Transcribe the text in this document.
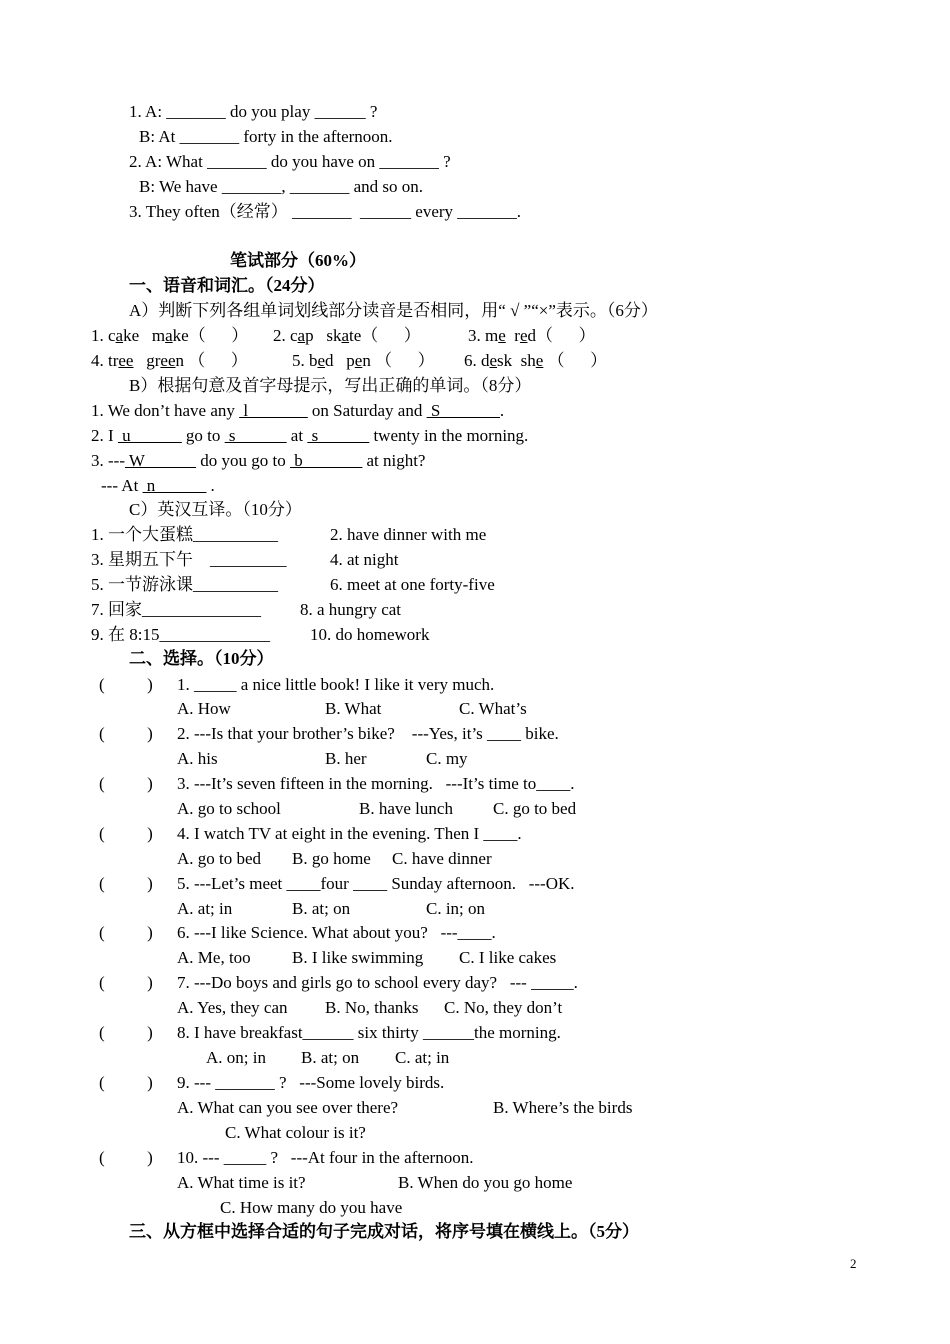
1. A: _______ do you play ______ ?
B: At _______ forty in the afternoon.
2. A: What _______ do you have on _______ ?
B: We have _______, _______ and so on.
3. They often（经常） _______  ______ every _______.
笔试部分（60%）
一、语音和词汇。（24分）
A）判断下列各组单词划线部分读音是否相同，用“ √ ”“×”表示。（6分）
1. cake   make（      ） 2. cap   skate（      ）	3. me  red（      ）
4. tree   green （      ）	5. bed   pen （      ） 6. desk  she （      ）
B）根据句意及首字母提示，写出正确的单词。（8分）
1. We don’t have any  l_______ on Saturday and  S_______.
2. I  u______ go to  s______ at  s______ twenty in the morning.
3. --- W______ do you go to  b_______ at night?
--- At  n______ .
C）英汉互译。（10分）
1. 一个大蛋糕__________	2. have dinner with me
3. 星期五下午    _________	4. at night
5. 一节游泳课__________	6. meet at one forty-five
7. 回家______________ 8. a hungry cat
9. 在 8:15_____________ 10. do homework
二、选择。（10分）
(          ) 1. _____ a nice little book! I like it very much.
A. How	B. What	C. What’s
(          ) 2. ---Is that your brother’s bike?    ---Yes, it’s ____ bike.
A. his	B. her	C. my
(          ) 3. ---It’s seven fifteen in the morning.   ---It’s time to____.
A. go to school	B. have lunch C. go to bed
(          ) 4. I watch TV at eight in the evening. Then I ____.
A. go to bed B. go home C. have dinner
(          ) 5. ---Let’s meet ____four ____ Sunday afternoon.   ---OK.
A. at; in	B. at; on	C. in; on
(          ) 6. ---I like Science. What about you?   ---____.
A. Me, too B. I like swimming C. I like cakes
(          ) 7. ---Do boys and girls go to school every day?   --- _____.
A. Yes, they can B. No, thanks C. No, they don’t
(          ) 8. I have breakfast______ six thirty ______the morning.
A. on; in B. at; on C. at; in
(          ) 9. --- _______ ?   ---Some lovely birds.
A. What can you see over there?	B. Where’s the birds
C. What colour is it?
(          ) 10. --- _____ ?   ---At four in the afternoon.
A. What time is it?	B. When do you go home
C. How many do you have
三、从方框中选择合适的句子完成对话，将序号填在横线上。（5分）
2
